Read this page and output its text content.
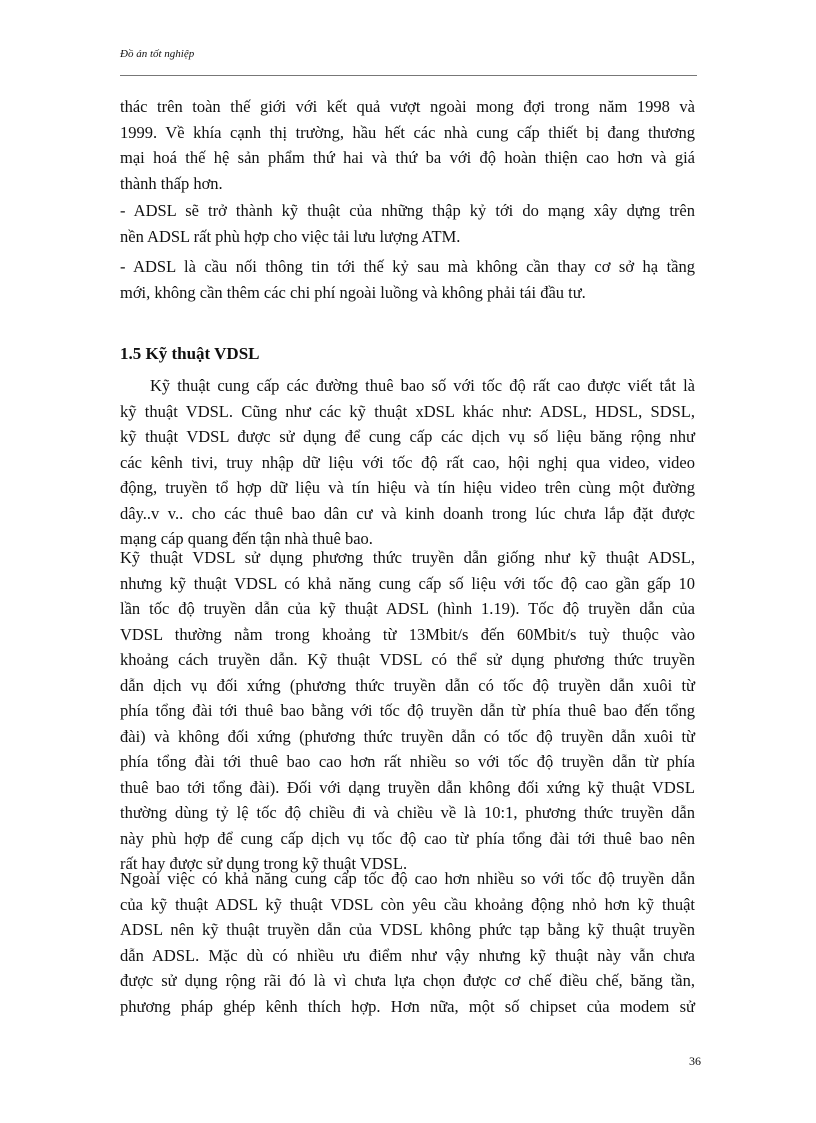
Đồ án tốt nghiệp
thác trên toàn thế giới với kết quả vượt ngoài mong đợi trong năm 1998 và
1999. Về khía cạnh thị trường, hầu hết các nhà cung cấp thiết bị đang thương
mại hoá thế hệ sản phẩm thứ hai và thứ ba với độ hoàn thiện cao hơn và giá
thành thấp hơn.
- ADSL sẽ trở thành kỹ thuật của những thập kỷ tới do mạng xây dựng trên
nền ADSL rất phù hợp cho việc tải lưu lượng ATM.
- ADSL là cầu nối thông tin tới thế kỷ sau mà không cần thay cơ sở hạ tầng
mới, không cần thêm các chi phí ngoài luồng và không phải tái đầu tư.
1.5 Kỹ thuật VDSL
Kỹ thuật cung cấp các đường thuê bao số với tốc độ rất cao được viết tắt là
kỹ thuật VDSL. Cũng như các kỹ thuật xDSL khác như: ADSL, HDSL, SDSL,
kỹ thuật VDSL được sử dụng để cung cấp các dịch vụ số liệu băng rộng như
các kênh tivi, truy nhập dữ liệu với tốc độ rất cao, hội nghị qua video, video
động, truyền tổ hợp dữ liệu và tín hiệu và tín hiệu video trên cùng một đường
dây..v v.. cho các thuê bao dân cư và kinh doanh trong lúc chưa lắp đặt được
mạng cáp quang đến tận nhà thuê bao.
Kỹ thuật VDSL sử dụng phương thức truyền dẫn giống như kỹ thuật ADSL,
nhưng kỹ thuật VDSL có khả năng cung cấp số liệu với tốc độ cao gần gấp 10
lần tốc độ truyền dẫn của kỹ thuật ADSL (hình 1.19). Tốc độ truyền dẫn của
VDSL thường nằm trong khoảng từ 13Mbit/s đến 60Mbit/s tuỳ thuộc vào
khoảng cách truyền dẫn. Kỹ thuật VDSL có thể sử dụng phương thức truyền
dẫn dịch vụ đối xứng (phương thức truyền dẫn có tốc độ truyền dẫn xuôi từ
phía tổng đài tới thuê bao bằng với tốc độ truyền dẫn từ phía thuê bao đến tổng
đài) và không đối xứng (phương thức truyền dẫn có tốc độ truyền dẫn xuôi từ
phía tổng đài tới thuê bao cao hơn rất nhiều so với tốc độ truyền dẫn từ phía
thuê bao tới tổng đài). Đối với dạng truyền dẫn không đối xứng kỹ thuật VDSL
thường dùng tỷ lệ tốc độ chiều đi và chiều về là 10:1, phương thức truyền dẫn
này phù hợp để cung cấp dịch vụ tốc độ cao từ phía tổng đài tới thuê bao nên
rất hay được sử dụng trong kỹ thuật VDSL.
Ngoài việc có khả năng cung cấp tốc độ cao hơn nhiều so với tốc độ truyền dẫn
của kỹ thuật ADSL kỹ thuật VDSL còn yêu cầu khoảng động nhỏ hơn kỹ thuật
ADSL nên kỹ thuật truyền dẫn của VDSL không phức tạp bằng kỹ thuật truyền
dẫn ADSL. Mặc dù có nhiều ưu điểm như vậy nhưng kỹ thuật này vẫn chưa
được sử dụng rộng rãi đó là vì chưa lựa chọn được cơ chế điều chế, băng tần,
phương pháp ghép kênh thích hợp. Hơn nữa, một số chipset của modem sử
36
